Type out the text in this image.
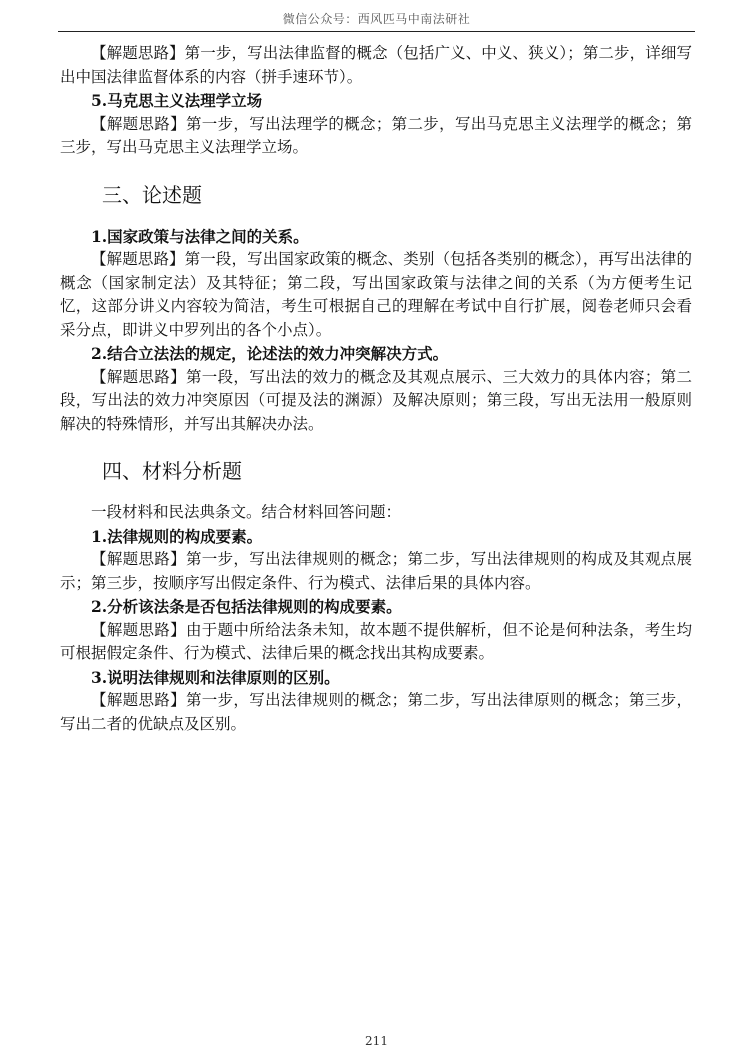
微信公众号：西风匹马中南法研社

【解题思路】第一步，写出法律监督的概念（包括广义、中义、狭义）；第二步，详细写出中国法律监督体系的内容（拼手速环节）。

5.马克思主义法理学立场

【解题思路】第一步，写出法理学的概念；第二步，写出马克思主义法理学的概念；第三步，写出马克思主义法理学立场。

三、论述题

1.国家政策与法律之间的关系。

【解题思路】第一段，写出国家政策的概念、类别（包括各类别的概念），再写出法律的概念（国家制定法）及其特征；第二段，写出国家政策与法律之间的关系（为方便考生记忆，这部分讲义内容较为简洁，考生可根据自己的理解在考试中自行扩展，阅卷老师只会看采分点，即讲义中罗列出的各个小点）。

2.结合立法法的规定，论述法的效力冲突解决方式。

【解题思路】第一段，写出法的效力的概念及其观点展示、三大效力的具体内容；第二段，写出法的效力冲突原因（可提及法的渊源）及解决原则；第三段，写出无法用一般原则解决的特殊情形，并写出其解决办法。

四、材料分析题

一段材料和民法典条文。结合材料回答问题：

1.法律规则的构成要素。

【解题思路】第一步，写出法律规则的概念；第二步，写出法律规则的构成及其观点展示；第三步，按顺序写出假定条件、行为模式、法律后果的具体内容。

2.分析该法条是否包括法律规则的构成要素。

【解题思路】由于题中所给法条未知，故本题不提供解析，但不论是何种法条，考生均可根据假定条件、行为模式、法律后果的概念找出其构成要素。

3.说明法律规则和法律原则的区别。

【解题思路】第一步，写出法律规则的概念；第二步，写出法律原则的概念；第三步，写出二者的优缺点及区别。

211
